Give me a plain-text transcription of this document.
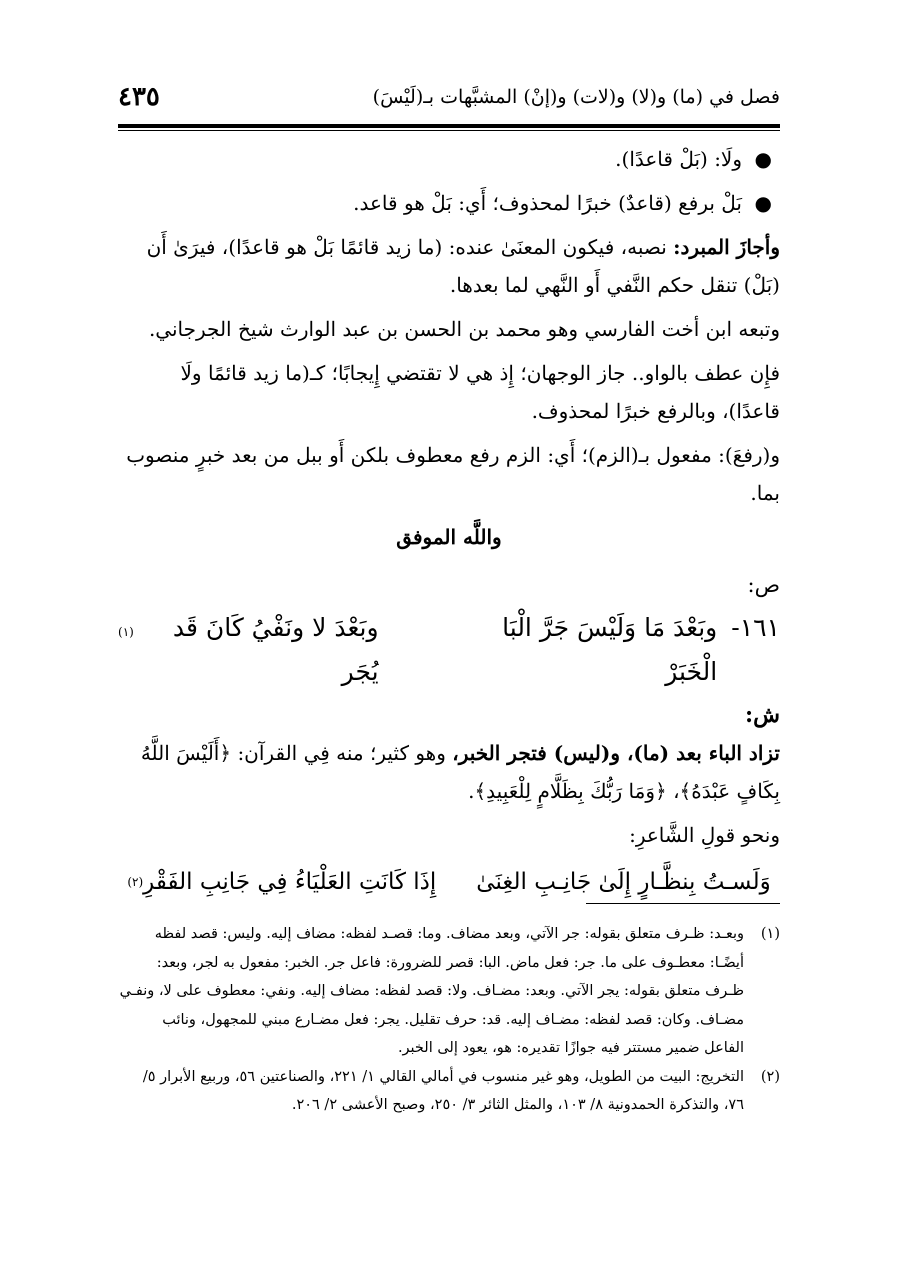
فصل في (ما) و(لا) و(لات) و(إنْ) المشبَّهات بـ(لَيْسَ)
٤٣٥

●
ولَا: (بَلْ قاعدًا).

●
بَلْ برفع (قاعدٌ) خبرًا لمحذوف؛ أَي: بَلْ هو قاعد.

وأجازَ المبرد: نصبه، فيكون المعنَىٰ عنده: (ما زيد قائمًا بَلْ هو قاعدًا)، فيرَىٰ أَن (بَلْ) تنقل حكم النَّفي أَو النَّهي لما بعدها.

وتبعه ابن أخت الفارسي وهو محمد بن الحسن بن عبد الوارث شيخ الجرجاني.

فإِن عطف بالواو.. جاز الوجهان؛ إِذ هي لا تقتضي إِيجابًا؛ كـ(ما زيد قائمًا ولَا قاعدًا)، وبالرفع خبرًا لمحذوف.

و(رفعَ): مفعول بـ(الزم)؛ أَي: الزم رفع معطوف بلكن أَو ببل من بعد خبرٍ منصوب بما.

واللَّه الموفق

ص:

١٦١-
وبَعْدَ مَا وَلَيْسَ جَرَّ الْبَا الْخَبَرْ
وبَعْدَ لا ونَفْيُ كَانَ قَد يُجَر
(١)

ش:

تزاد الباء بعد (ما)، و(ليس) فتجر الخبر، وهو كثير؛ منه فِي القرآن: ﴿أَلَيْسَ اللَّهُ بِكَافٍ عَبْدَهُ﴾، ﴿وَمَا رَبُّكَ بِظَلَّامٍ لِلْعَبِيدِ﴾.

ونحو قولِ الشَّاعرِ:

وَلَسـتُ بِنظَّـارٍ إِلَىٰ جَانِـبِ الغِنَىٰ
إِذَا كَانَتِ العَلْيَاءُ فِي جَانِبِ الفَقْرِ
(٢)

(١)
وبعـد: ظـرف متعلق بقوله: جر الآتي، وبعد مضاف. وما: قصـد لفظه: مضاف إليه. وليس: قصد لفظه أيضًـا: معطـوف على ما. جر: فعل ماض. البا: قصر للضرورة: فاعل جر. الخبر: مفعول به لجر، وبعد: ظـرف متعلق بقوله: يجر الآتي. وبعد: مضـاف. ولا: قصد لفظه: مضاف إليه. ونفي: معطوف على لا، ونفـي مضـاف. وكان: قصد لفظه: مضـاف إليه. قد: حرف تقليل. يجر: فعل مضـارع مبني للمجهول، ونائب الفاعل ضمير مستتر فيه جوازًا تقديره: هو، يعود إلى الخبر.

(٢)
التخريج: البيت من الطويل، وهو غير منسوب في أمالي القالي ١/ ٢٢١، والصناعتين ٥٦، وربيع الأبرار ٥/ ٧٦، والتذكرة الحمدونية ٨/ ١٠٣، والمثل الثائر ٣/ ٢٥٠، وصبح الأعشى ٢/ ٢٠٦.
